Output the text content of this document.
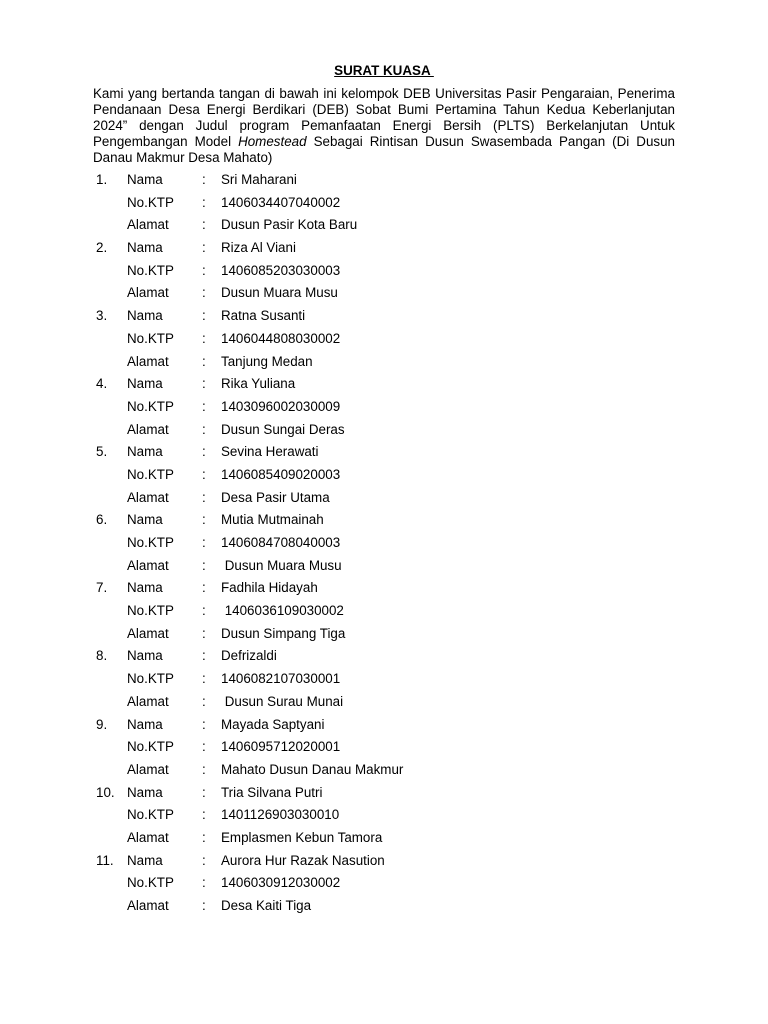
SURAT KUASA
Kami yang bertanda tangan di bawah ini kelompok DEB Universitas Pasir Pengaraian, Penerima Pendanaan Desa Energi Berdikari (DEB) Sobat Bumi Pertamina Tahun Kedua Keberlanjutan 2024” dengan Judul program Pemanfaatan Energi Bersih (PLTS) Berkelanjutan Untuk Pengembangan Model Homestead Sebagai Rintisan Dusun Swasembada Pangan (Di Dusun Danau Makmur Desa Mahato)
1.	Nama	: Sri Maharani
No.KTP : 1406034407040002
Alamat : Dusun Pasir Kota Baru
2.	Nama	: Riza Al Viani
No.KTP : 1406085203030003
Alamat : Dusun Muara Musu
3.	Nama	: Ratna Susanti
No.KTP : 1406044808030002
Alamat : Tanjung Medan
4.	Nama	: Rika Yuliana
No.KTP : 1403096002030009
Alamat : Dusun Sungai Deras
5.	Nama	: Sevina Herawati
No.KTP : 1406085409020003
Alamat : Desa Pasir Utama
6.	Nama	: Mutia Mutmainah
No.KTP : 1406084708040003
Alamat : Dusun Muara Musu
7.	Nama	: Fadhila Hidayah
No.KTP : 1406036109030002
Alamat : Dusun Simpang Tiga
8.	Nama	: Defrizaldi
No.KTP : 1406082107030001
Alamat : Dusun Surau Munai
9.	Nama	: Mayada Saptyani
No.KTP : 1406095712020001
Alamat : Mahato Dusun Danau Makmur
10. Nama	: Tria Silvana Putri
No.KTP : 1401126903030010
Alamat : Emplasmen Kebun Tamora
11. Nama	: Aurora Hur Razak Nasution
No.KTP : 1406030912030002
Alamat : Desa Kaiti Tiga
